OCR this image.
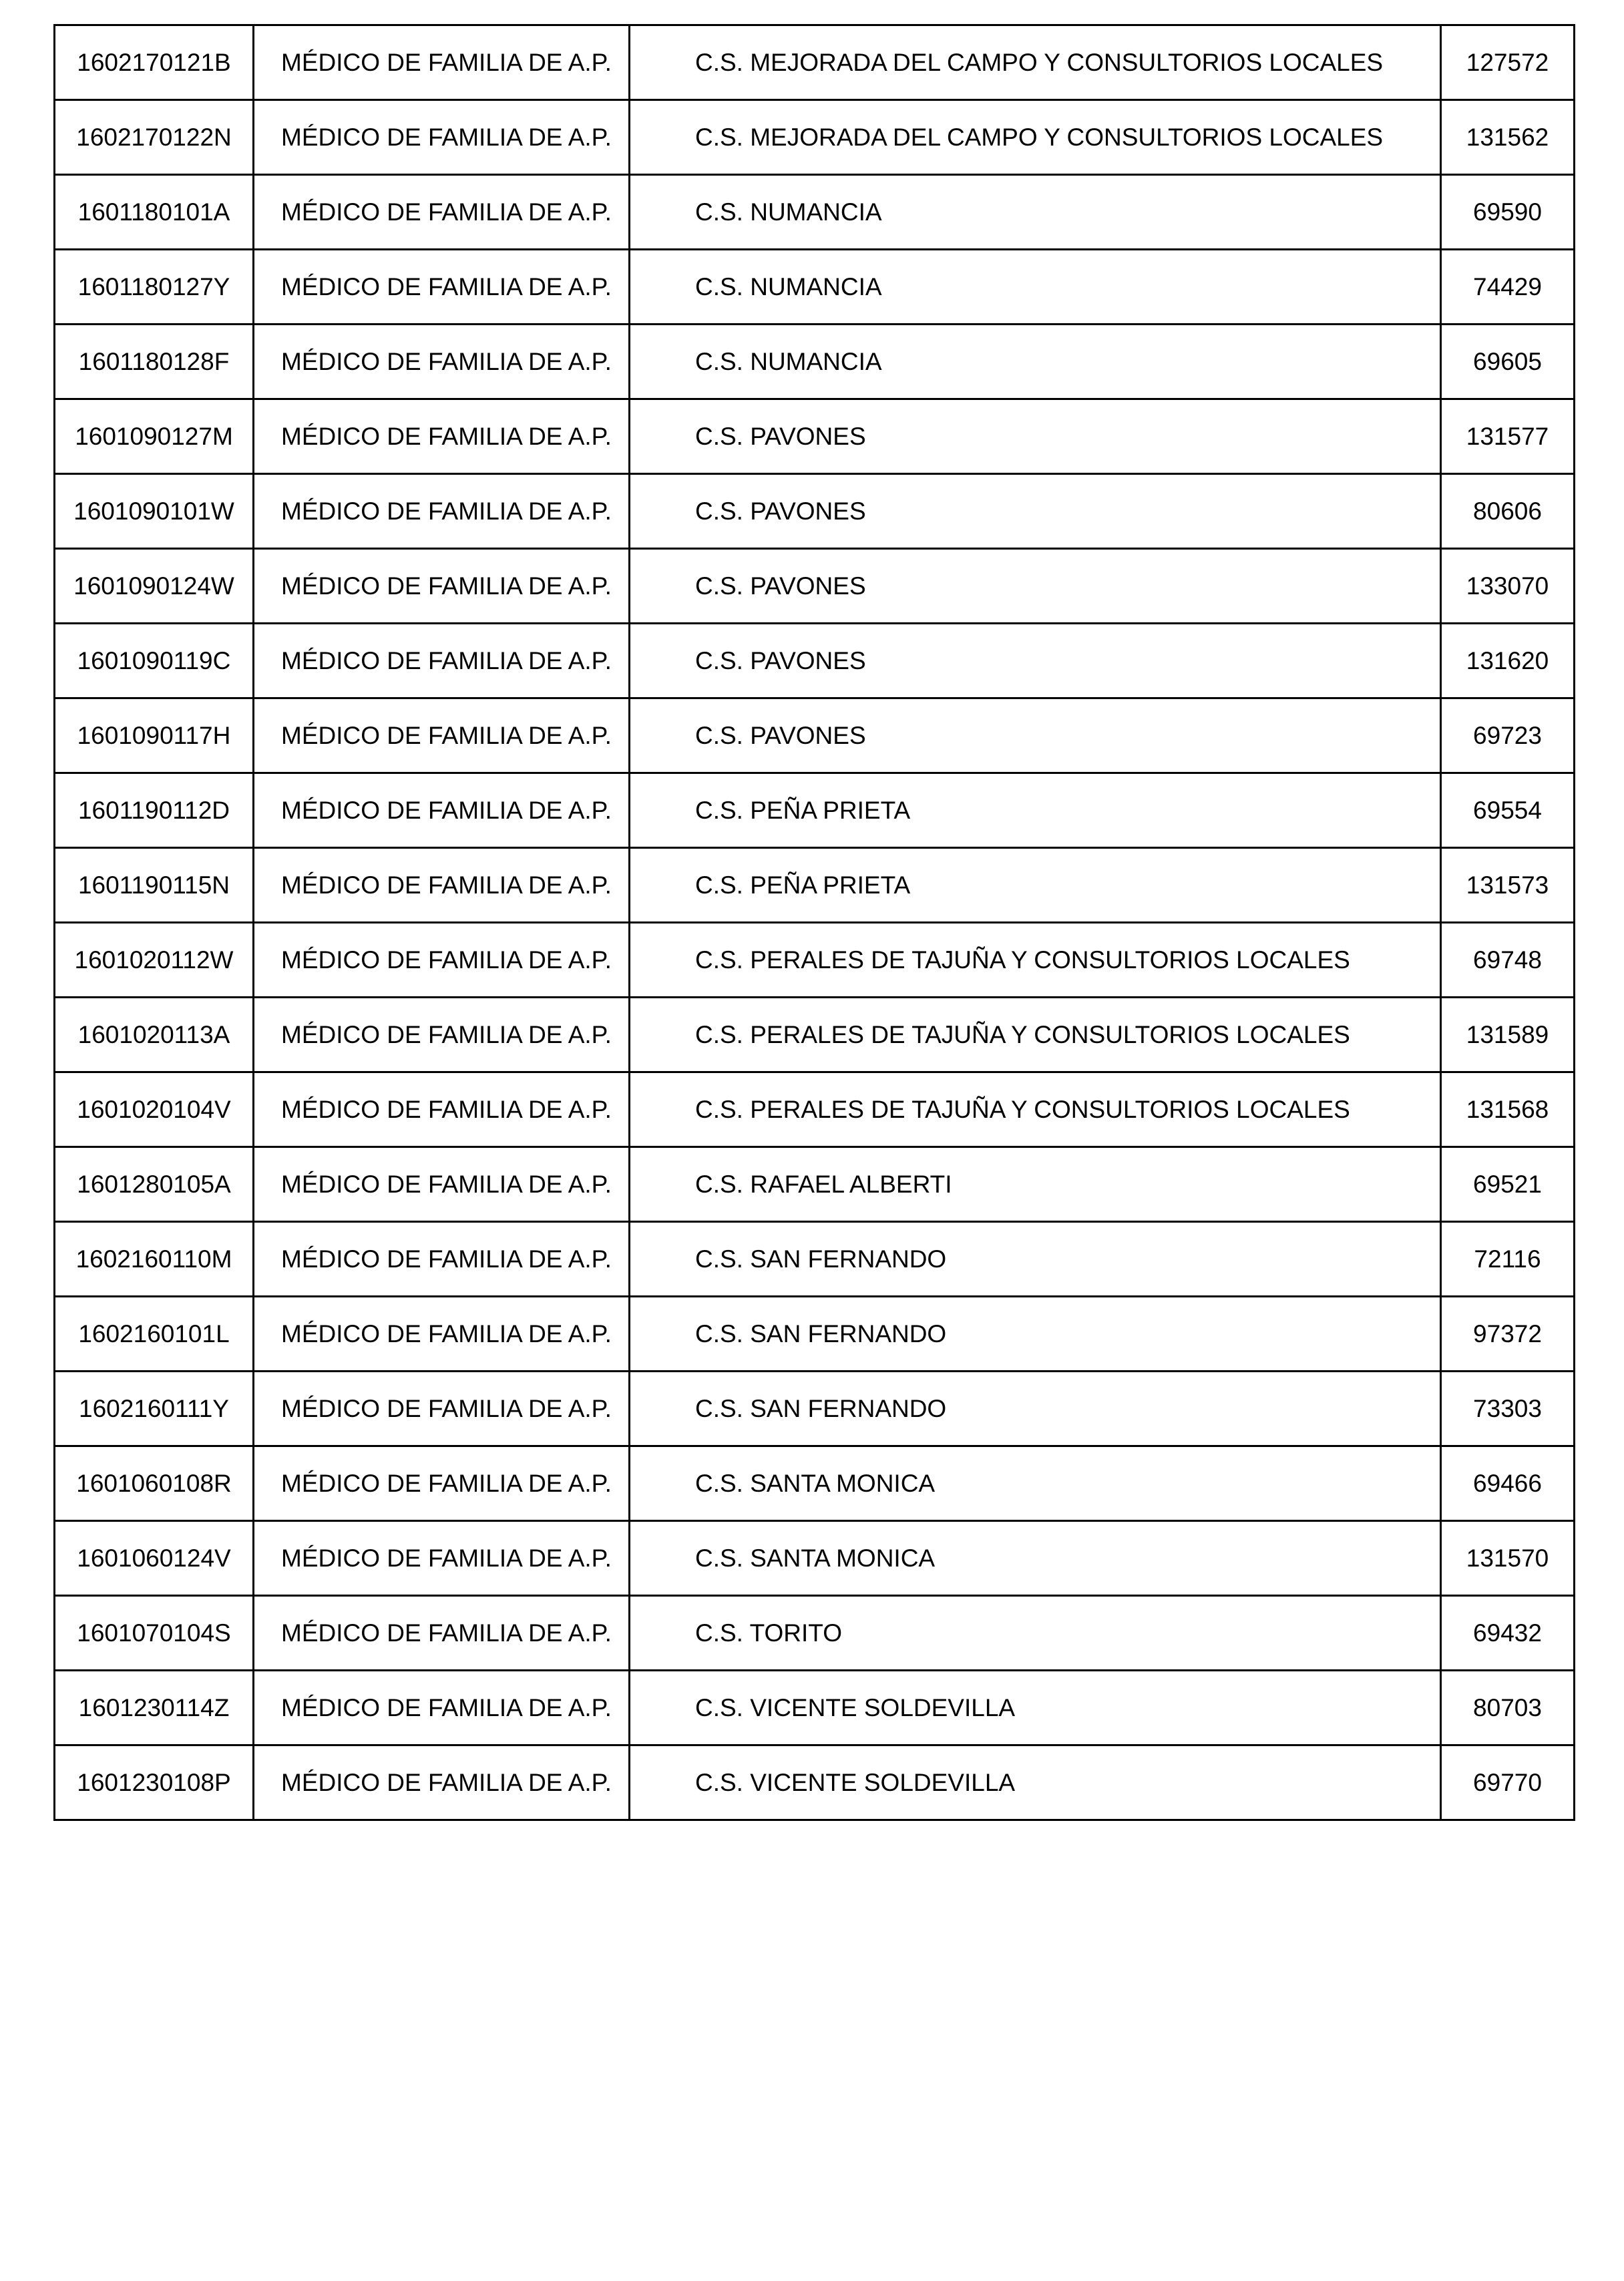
1602170121B	MÉDICO DE FAMILIA DE A.P.	C.S. MEJORADA DEL CAMPO Y CONSULTORIOS LOCALES	127572
1602170122N	MÉDICO DE FAMILIA DE A.P.	C.S. MEJORADA DEL CAMPO Y CONSULTORIOS LOCALES	131562
1601180101A	MÉDICO DE FAMILIA DE A.P.	C.S. NUMANCIA	69590
1601180127Y	MÉDICO DE FAMILIA DE A.P.	C.S. NUMANCIA	74429
1601180128F	MÉDICO DE FAMILIA DE A.P.	C.S. NUMANCIA	69605
1601090127M	MÉDICO DE FAMILIA DE A.P.	C.S. PAVONES	131577
1601090101W	MÉDICO DE FAMILIA DE A.P.	C.S. PAVONES	80606
1601090124W	MÉDICO DE FAMILIA DE A.P.	C.S. PAVONES	133070
1601090119C	MÉDICO DE FAMILIA DE A.P.	C.S. PAVONES	131620
1601090117H	MÉDICO DE FAMILIA DE A.P.	C.S. PAVONES	69723
1601190112D	MÉDICO DE FAMILIA DE A.P.	C.S. PEÑA PRIETA	69554
1601190115N	MÉDICO DE FAMILIA DE A.P.	C.S. PEÑA PRIETA	131573
1601020112W	MÉDICO DE FAMILIA DE A.P.	C.S. PERALES DE TAJUÑA Y CONSULTORIOS LOCALES	69748
1601020113A	MÉDICO DE FAMILIA DE A.P.	C.S. PERALES DE TAJUÑA Y CONSULTORIOS LOCALES	131589
1601020104V	MÉDICO DE FAMILIA DE A.P.	C.S. PERALES DE TAJUÑA Y CONSULTORIOS LOCALES	131568
1601280105A	MÉDICO DE FAMILIA DE A.P.	C.S. RAFAEL ALBERTI	69521
1602160110M	MÉDICO DE FAMILIA DE A.P.	C.S. SAN FERNANDO	72116
1602160101L	MÉDICO DE FAMILIA DE A.P.	C.S. SAN FERNANDO	97372
1602160111Y	MÉDICO DE FAMILIA DE A.P.	C.S. SAN FERNANDO	73303
1601060108R	MÉDICO DE FAMILIA DE A.P.	C.S. SANTA MONICA	69466
1601060124V	MÉDICO DE FAMILIA DE A.P.	C.S. SANTA MONICA	131570
1601070104S	MÉDICO DE FAMILIA DE A.P.	C.S. TORITO	69432
1601230114Z	MÉDICO DE FAMILIA DE A.P.	C.S. VICENTE SOLDEVILLA	80703
1601230108P	MÉDICO DE FAMILIA DE A.P.	C.S. VICENTE SOLDEVILLA	69770
